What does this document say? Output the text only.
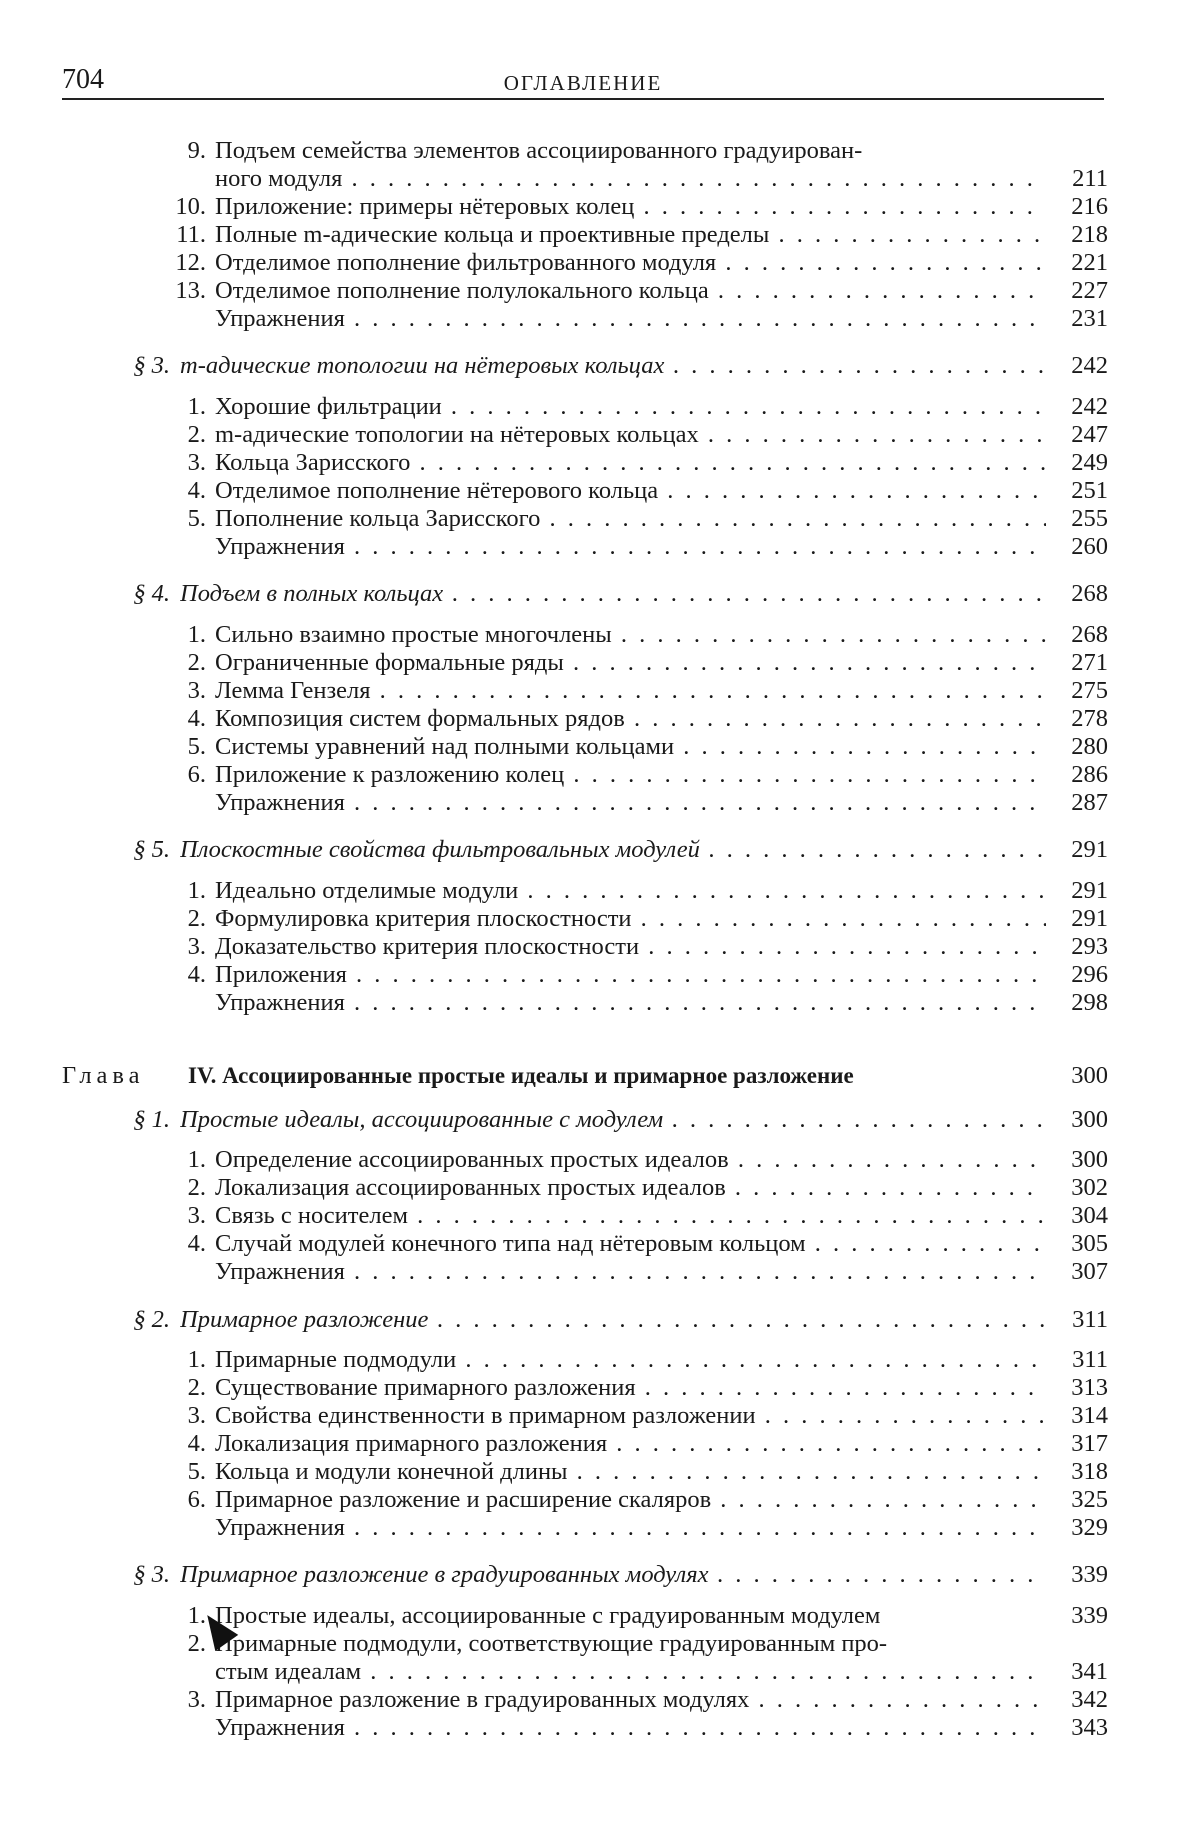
704	ОГЛАВЛЕНИЕ
9. Подъем семейства элементов ассоциированного градуирован-
ного модуля . . .	211
10. Приложение: примеры нётеровых колец . . .	216
11. Полные m-адические кольца и проективные пределы . . .	218
12. Отделимое пополнение фильтрованного модуля . . .	221
13. Отделимое пополнение полулокального кольца . . .	227
Упражнения . . .	231
§ 3. m-адические топологии на нётеровых кольцах . . .	242
1. Хорошие фильтрации . . .	242
2. m-адические топологии на нётеровых кольцах . . .	247
3. Кольца Зарисского . . .	249
4. Отделимое пополнение нётерового кольца . . .	251
5. Пополнение кольца Зарисского . . .	255
Упражнения . . .	260
§ 4. Подъем в полных кольцах . . .	268
1. Сильно взаимно простые многочлены . . .	268
2. Ограниченные формальные ряды . . .	271
3. Лемма Гензеля . . .	275
4. Композиция систем формальных рядов . . .	278
5. Системы уравнений над полными кольцами . . .	280
6. Приложение к разложению колец . . .	286
Упражнения . . .	287
§ 5. Плоскостные свойства фильтровальных модулей . . .	291
1. Идеально отделимые модули . . .	291
2. Формулировка критерия плоскостности . . .	291
3. Доказательство критерия плоскостности . . .	293
4. Приложения . . .	296
Упражнения . . .	298
Глава IV. Ассоциированные простые идеалы и примарное разложение	300
§ 1. Простые идеалы, ассоциированные с модулем . . .	300
1. Определение ассоциированных простых идеалов . . .	300
2. Локализация ассоциированных простых идеалов . . .	302
3. Связь с носителем . . .	304
4. Случай модулей конечного типа над нётеровым кольцом . . .	305
Упражнения . . .	307
§ 2. Примарное разложение . . .	311
1. Примарные подмодули . . .	311
2. Существование примарного разложения . . .	313
3. Свойства единственности в примарном разложении . . .	314
4. Локализация примарного разложения . . .	317
5. Кольца и модули конечной длины . . .	318
6. Примарное разложение и расширение скаляров . . .	325
Упражнения . . .	329
§ 3. Примарное разложение в градуированных модулях . . .	339
1. Простые идеалы, ассоциированные с градуированным модулем	339
2. Примарные подмодули, соответствующие градуированным про-
стым идеалам . . .	341
3. Примарное разложение в градуированных модулях . . .	342
Упражнения . . .	343
